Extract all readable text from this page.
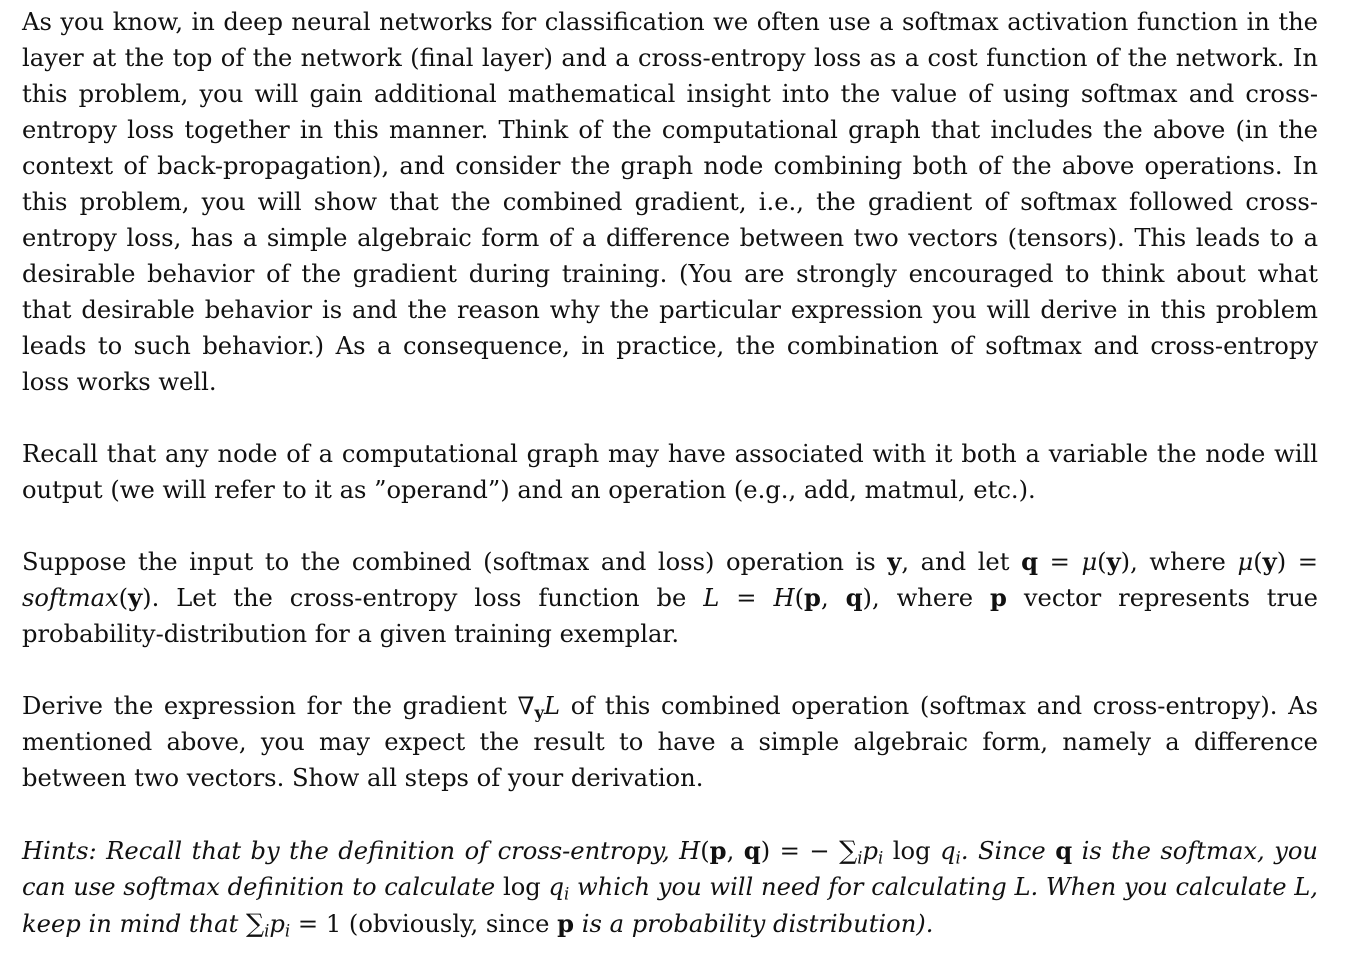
As you know, in deep neural networks for classification we often use a softmax activation function in the layer at the top of the network (final layer) and a cross-entropy loss as a cost function of the network. In this problem, you will gain additional mathematical insight into the value of using softmax and cross-entropy loss together in this manner. Think of the computational graph that includes the above (in the context of back-propagation), and consider the graph node combining both of the above operations. In this problem, you will show that the combined gradient, i.e., the gradient of softmax followed cross-entropy loss, has a simple algebraic form of a difference between two vectors (tensors). This leads to a desirable behavior of the gradient during training. (You are strongly encouraged to think about what that desirable behavior is and the reason why the particular expression you will derive in this problem leads to such behavior.) As a consequence, in practice, the combination of softmax and cross-entropy loss works well.

Recall that any node of a computational graph may have associated with it both a variable the node will output (we will refer to it as ”operand”) and an operation (e.g., add, matmul, etc.).

Suppose the input to the combined (softmax and loss) operation is y, and let q = μ(y), where μ(y) = softmax(y). Let the cross-entropy loss function be L = H(p, q), where p vector represents true probability-distribution for a given training exemplar.

Derive the expression for the gradient $\nabla_yL$ of this combined operation (softmax and cross-entropy). As mentioned above, you may expect the result to have a simple algebraic form, namely a difference between two vectors. Show all steps of your derivation.

Hints: Recall that by the definition of cross-entropy, H(p, q) = − $\sum_ip_i$ $\log q_i$. Since q is the softmax, you can use softmax definition to calculate $\log q_i$ which you will need for calculating L. When you calculate L, keep in mind that $\sum_ip_i = 1$ (obviously, since p is a probability distribution).
